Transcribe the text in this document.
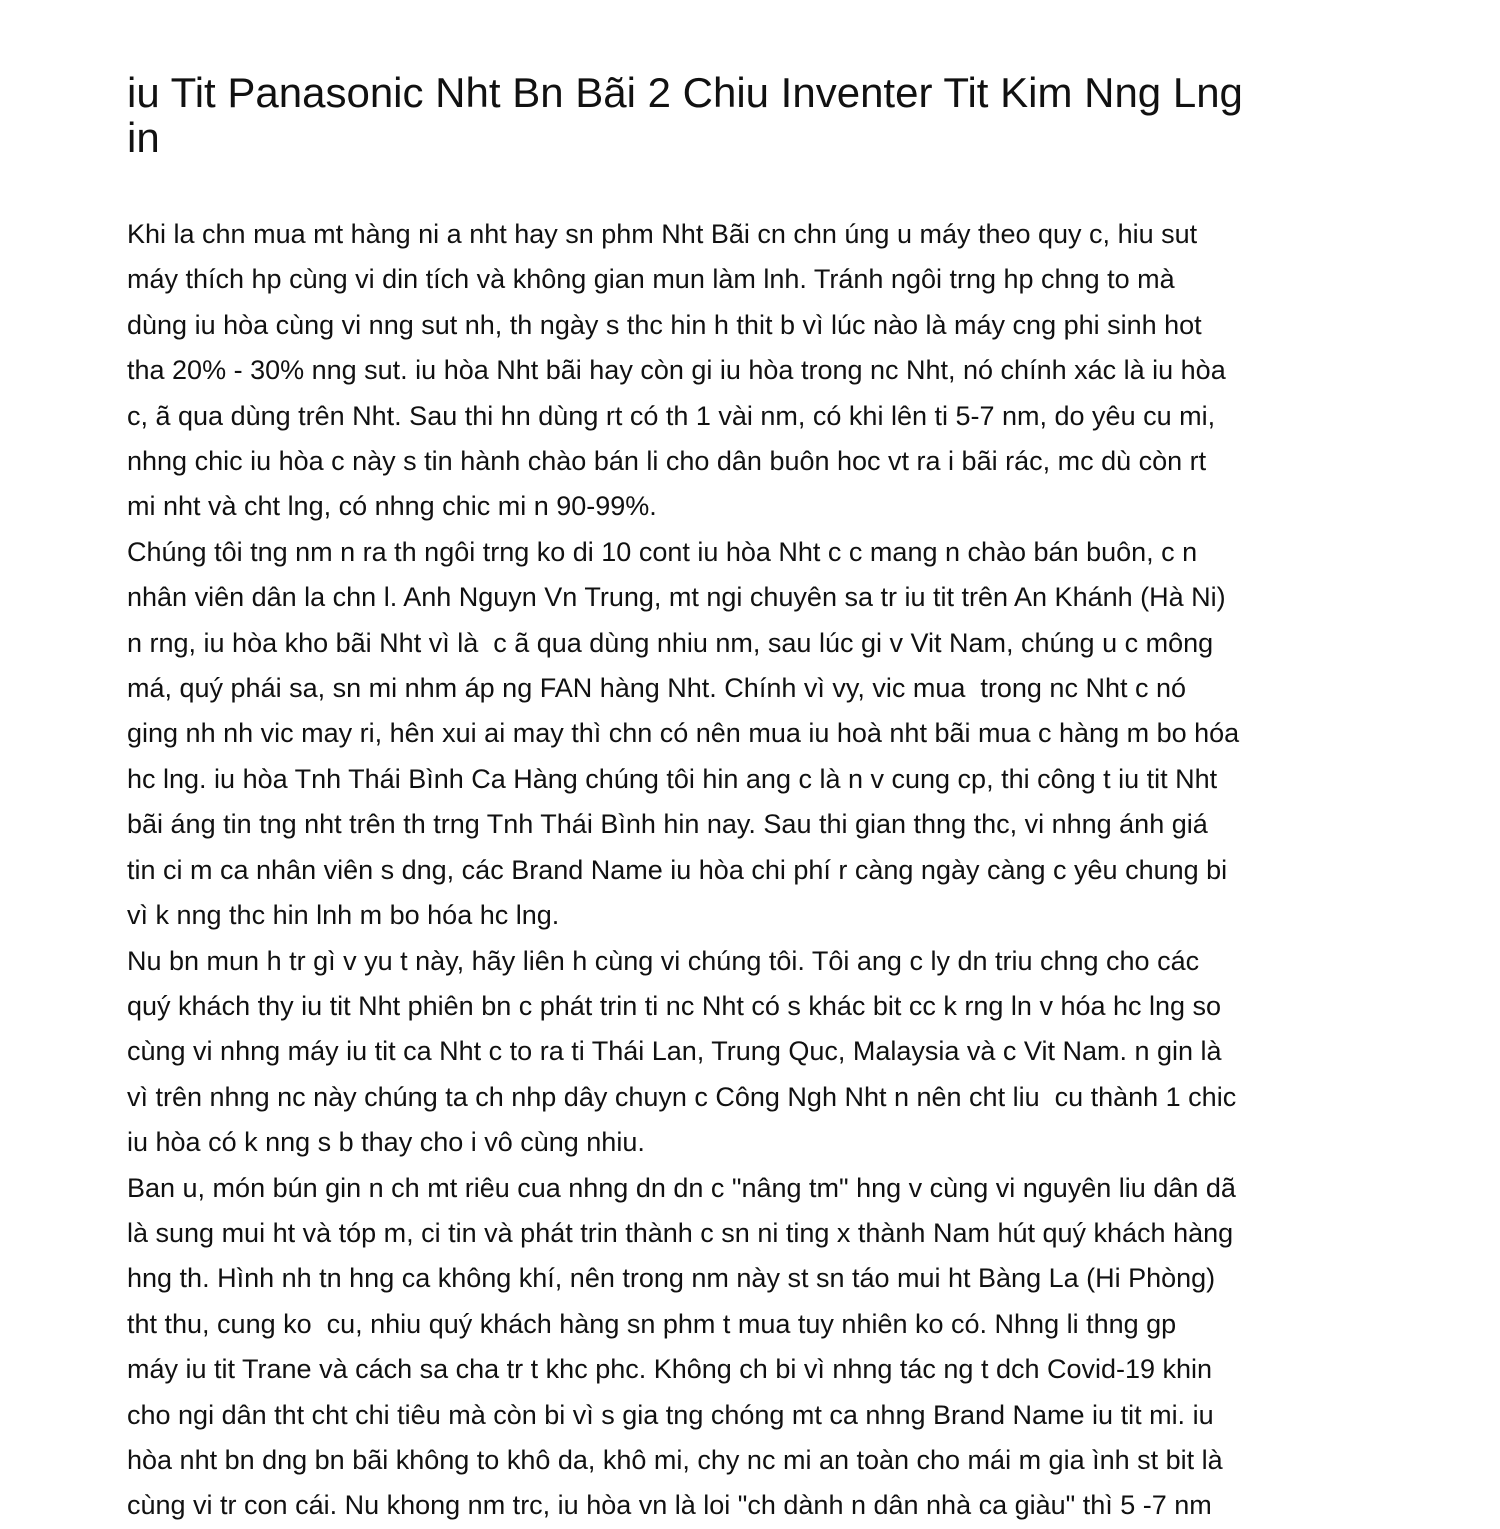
iu Tit Panasonic Nht Bn Bãi 2 Chiu Inventer Tit Kim Nng Lng
in

Khi la chn mua mt hàng ni a nht hay sn phm Nht Bãi cn chn úng u máy theo quy c, hiu sut
máy thích hp cùng vi din tích và không gian mun làm lnh. Tránh ngôi trng hp chng to mà
dùng iu hòa cùng vi nng sut nh, th ngày s thc hin h thit b vì lúc nào là máy cng phi sinh hot
tha 20% - 30% nng sut. iu hòa Nht bãi hay còn gi iu hòa trong nc Nht, nó chính xác là iu hòa
c, ã qua dùng trên Nht. Sau thi hn dùng rt có th 1 vài nm, có khi lên ti 5-7 nm, do yêu cu mi,
nhng chic iu hòa c này s tin hành chào bán li cho dân buôn hoc vt ra i bãi rác, mc dù còn rt
mi nht và cht lng, có nhng chic mi n 90-99%.

Chúng tôi tng nm n ra th ngôi trng ko di 10 cont iu hòa Nht c c mang n chào bán buôn, c n
nhân viên dân la chn l. Anh Nguyn Vn Trung, mt ngi chuyên sa tr iu tit trên An Khánh (Hà Ni)
n rng, iu hòa kho bãi Nht vì là  c ã qua dùng nhiu nm, sau lúc gi v Vit Nam, chúng u c mông
má, quý phái sa, sn mi nhm áp ng FAN hàng Nht. Chính vì vy, vic mua  trong nc Nht c nó
ging nh nh vic may ri, hên xui ai may thì chn có nên mua iu hoà nht bãi mua c hàng m bo hóa
hc lng. iu hòa Tnh Thái Bình Ca Hàng chúng tôi hin ang c là n v cung cp, thi công t iu tit Nht
bãi áng tin tng nht trên th trng Tnh Thái Bình hin nay. Sau thi gian thng thc, vi nhng ánh giá
tin ci m ca nhân viên s dng, các Brand Name iu hòa chi phí r càng ngày càng c yêu chung bi
vì k nng thc hin lnh m bo hóa hc lng.

Nu bn mun h tr gì v yu t này, hãy liên h cùng vi chúng tôi. Tôi ang c ly dn triu chng cho các
quý khách thy iu tit Nht phiên bn c phát trin ti nc Nht có s khác bit cc k rng ln v hóa hc lng so
cùng vi nhng máy iu tit ca Nht c to ra ti Thái Lan, Trung Quc, Malaysia và c Vit Nam. n gin là
vì trên nhng nc này chúng ta ch nhp dây chuyn c Công Ngh Nht n nên cht liu  cu thành 1 chic
iu hòa có k nng s b thay cho i vô cùng nhiu.

Ban u, món bún gin n ch mt riêu cua nhng dn dn c "nâng tm" hng v cùng vi nguyên liu dân dã
là sung mui ht và tóp m, ci tin và phát trin thành c sn ni ting x thành Nam hút quý khách hàng
hng th. Hình nh tn hng ca không khí, nên trong nm này st sn táo mui ht Bàng La (Hi Phòng)
tht thu, cung ko  cu, nhiu quý khách hàng sn phm t mua tuy nhiên ko có. Nhng li thng gp
máy iu tit Trane và cách sa cha tr t khc phc. Không ch bi vì nhng tác ng t dch Covid-19 khin
cho ngi dân tht cht chi tiêu mà còn bi vì s gia tng chóng mt ca nhng Brand Name iu tit mi. iu
hòa nht bn dng bn bãi không to khô da, khô mi, chy nc mi an toàn cho mái m gia ình st bit là
cùng vi tr con cái. Nu khong nm trc, iu hòa vn là loi "ch dành n dân nhà ca giàu" thì 5 -7 nm
